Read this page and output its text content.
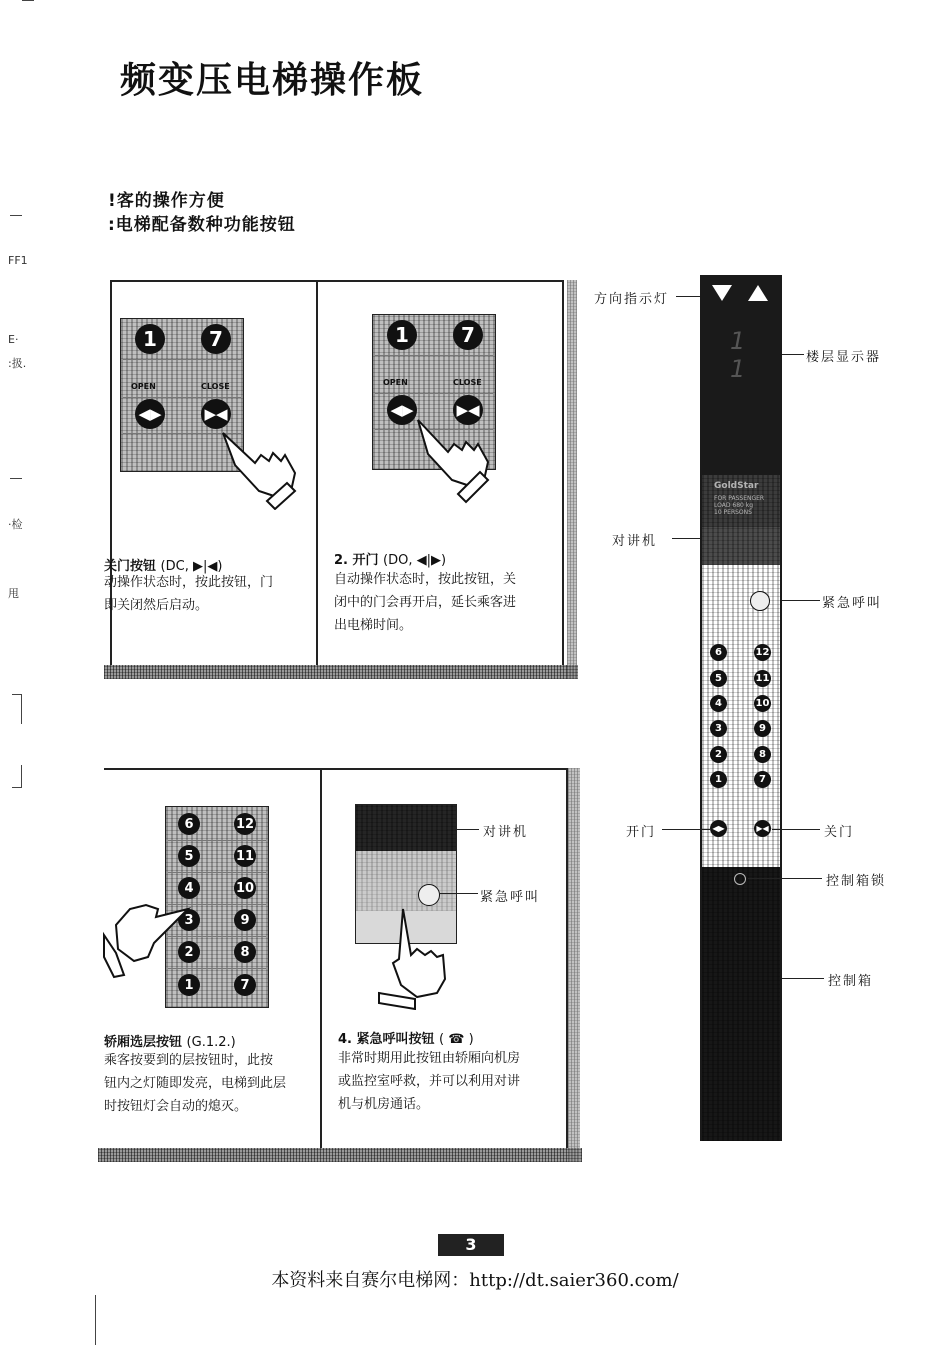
频变压电梯操作板
!客的操作方便
:电梯配备数种功能按钮
FF1
E·
:扱.
·检
甩
1	7
OPEN	CLOSE
◀▶	▶◀
关门按钮 (DC, ▶|◀)
动操作状态时，按此按钮，门
即关闭然后启动。
1	7
OPEN	CLOSE
◀▶	▶◀
2. 开门 (DO, ◀|▶)
自动操作状态时，按此按钮，关
闭中的门会再开启，延长乘客进
出电梯时间。
6	12
5	11
4	10
3	9
2	8
1	7
轿厢选层按钮 (G.1.2.)
乘客按要到的层按钮时，此按
钮内之灯随即发亮，电梯到此层
时按钮灯会自动的熄灭。
对讲机
紧急呼叫
4. 紧急呼叫按钮 ( ☎ )
非常时期用此按钮由轿厢向机房
或监控室呼救，并可以利用对讲
机与机房通话。
1 1
GoldStar
FOR PASSENGER
LOAD 680 kg
10 PERSONS
6	12
5	11
4	10
3	9
2	8
1	7
◀▶	▶◀
方向指示灯
楼层显示器
对讲机
紧急呼叫
开门	关门
控制箱锁
控制箱
3
本资料来自赛尔电梯网：http://dt.saier360.com/
